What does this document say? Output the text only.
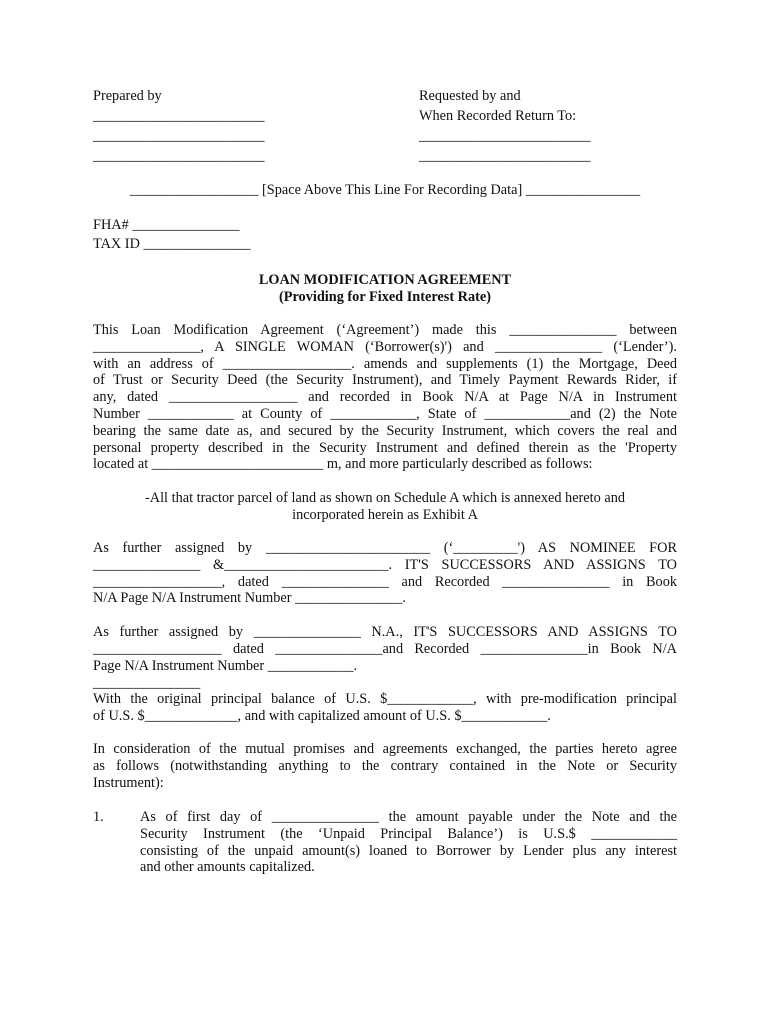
Prepared by
________________________
________________________
________________________
Requested by and
When Recorded Return To:
________________________
________________________
__________________ [Space Above This Line For Recording Data] ________________
FHA# _______________
TAX ID _______________
LOAN MODIFICATION AGREEMENT
(Providing for Fixed Interest Rate)
This Loan Modification Agreement (‘Agreement’) made this _______________ between
_______________, A SINGLE WOMAN (‘Borrower(s)') and _______________ (‘Lender’).
with an address of __________________. amends and supplements (1) the Mortgage, Deed
of Trust or Security Deed (the Security Instrument), and Timely Payment Rewards Rider, if
any, dated __________________ and recorded in Book N/A at Page N/A in Instrument
Number ____________ at County of ____________, State of ____________and (2) the Note
bearing the same date as, and secured by the Security Instrument, which covers the real and
personal property described in the Security Instrument and defined therein as the 'Property
located at ________________________ m, and more particularly described as follows:
-All that tractor parcel of land as shown on Schedule A which is annexed hereto and
incorporated herein as Exhibit A
As further assigned by _______________________ (‘_________') AS NOMINEE FOR
_______________ &_______________________. IT'S SUCCESSORS AND ASSIGNS TO
__________________, dated _______________ and Recorded _______________ in Book
N/A Page N/A Instrument Number _______________.
As further assigned by _______________ N.A., IT'S SUCCESSORS AND ASSIGNS TO
__________________ dated _______________and Recorded _______________in Book N/A
Page N/A Instrument Number ____________.
_______________
With the original principal balance of U.S. $____________, with pre-modification principal
of U.S. $_____________, and with capitalized amount of U.S. $____________.
In consideration of the mutual promises and agreements exchanged, the parties hereto agree
as follows (notwithstanding anything to the contrary contained in the Note or Security
Instrument):
1.	As of first day of _______________ the amount payable under the Note and the
Security Instrument (the ‘Unpaid Principal Balance’) is U.S.$ ____________
consisting of the unpaid amount(s) loaned to Borrower by Lender plus any interest
and other amounts capitalized.
